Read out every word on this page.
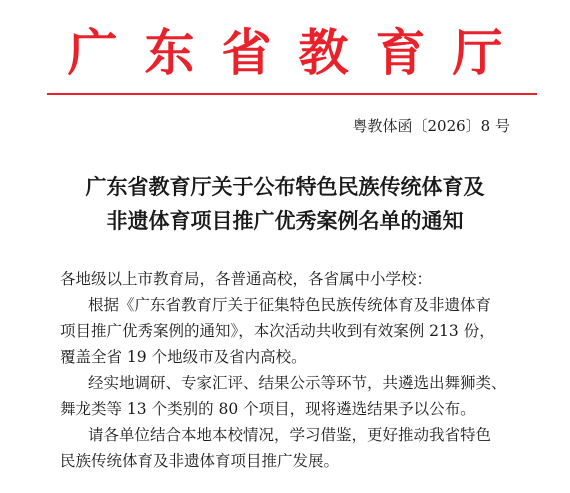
广东省教育厅
粤教体函〔2026〕8 号
广东省教育厅关于公布特色民族传统体育及
非遗体育项目推广优秀案例名单的通知
各地级以上市教育局，各普通高校，各省属中小学校：
根据《广东省教育厅关于征集特色民族传统体育及非遗体育
项目推广优秀案例的通知》，本次活动共收到有效案例 213 份，
覆盖全省 19 个地级市及省内高校。
经实地调研、专家汇评、结果公示等环节，共遴选出舞狮类、
舞龙类等 13 个类别的 80 个项目，现将遴选结果予以公布。
请各单位结合本地本校情况，学习借鉴，更好推动我省特色
民族传统体育及非遗体育项目推广发展。
